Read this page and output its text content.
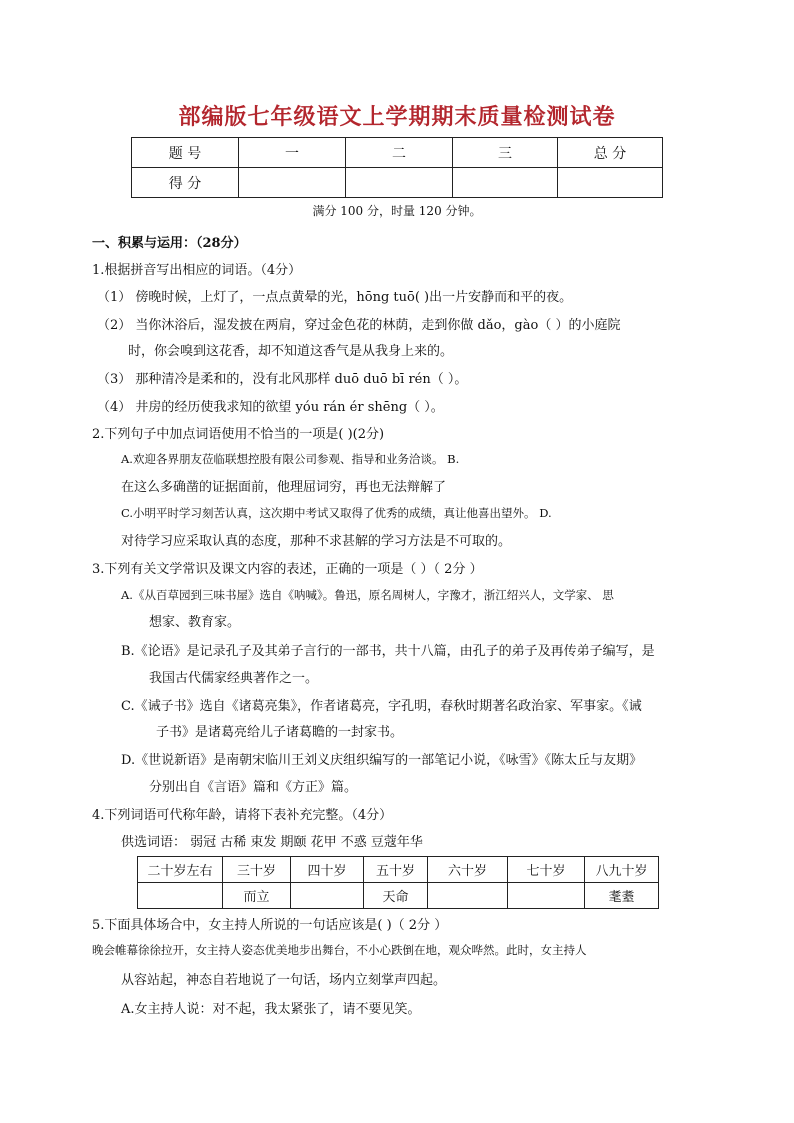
部编版七年级语文上学期期末质量检测试卷
题 号	一	二	三	总 分
得 分				
满分 100 分，时量 120 分钟。
一、积累与运用：（28分）
1.根据拼音写出相应的词语。（4分）
（1） 傍晚时候，上灯了，一点点黄晕的光，hōng tuō( )出一片安静而和平的夜。
（2） 当你沐浴后，湿发披在两肩，穿过金色花的林荫，走到你做 dǎo，gào（ ）的小庭院
时，你会嗅到这花香，却不知道这香气是从我身上来的。
（3） 那种清冷是柔和的，没有北风那样 duō duō bī rén（ ）。
（4） 井房的经历使我求知的欲望 yóu rán ér shēng（ ）。
2.下列句子中加点词语使用不恰当的一项是( )(2分)
A.欢迎各界朋友莅临联想控股有限公司参观、指导和业务洽谈。 B.
在这么多确凿的证据面前，他理屈词穷，再也无法辩解了
C.小明平时学习刻苦认真，这次期中考试又取得了优秀的成绩，真让他喜出望外。 D.
对待学习应采取认真的态度，那种不求甚解的学习方法是不可取的。
3.下列有关文学常识及课文内容的表述，正确的一项是（ ）（ 2分 ）
A.《从百草园到三味书屋》选自《呐喊》。鲁迅，原名周树人，字豫才，浙江绍兴人，文学家、 思
想家、教育家。
B.《论语》是记录孔子及其弟子言行的一部书，共十八篇，由孔子的弟子及再传弟子编写，是
我国古代儒家经典著作之一。
C.《诫子书》选自《诸葛亮集》，作者诸葛亮，字孔明，春秋时期著名政治家、军事家。《诫
子书》是诸葛亮给儿子诸葛瞻的一封家书。
D.《世说新语》是南朝宋临川王刘义庆组织编写的一部笔记小说，《咏雪》《陈太丘与友期》
分别出自《言语》篇和《方正》篇。
4.下列词语可代称年龄，请将下表补充完整。（4分）
供选词语： 弱冠 古稀 束发 期颐 花甲 不惑 豆蔻年华
二十岁左右	三十岁	四十岁	五十岁	六十岁	七十岁	八九十岁
	而立		天命			耄耋
5.下面具体场合中，女主持人所说的一句话应该是( )（ 2分 ）
晚会帷幕徐徐拉开，女主持人姿态优美地步出舞台，不小心跌倒在地，观众哗然。此时，女主持人
从容站起，神态自若地说了一句话，场内立刻掌声四起。
A.女主持人说：对不起，我太紧张了，请不要见笑。
